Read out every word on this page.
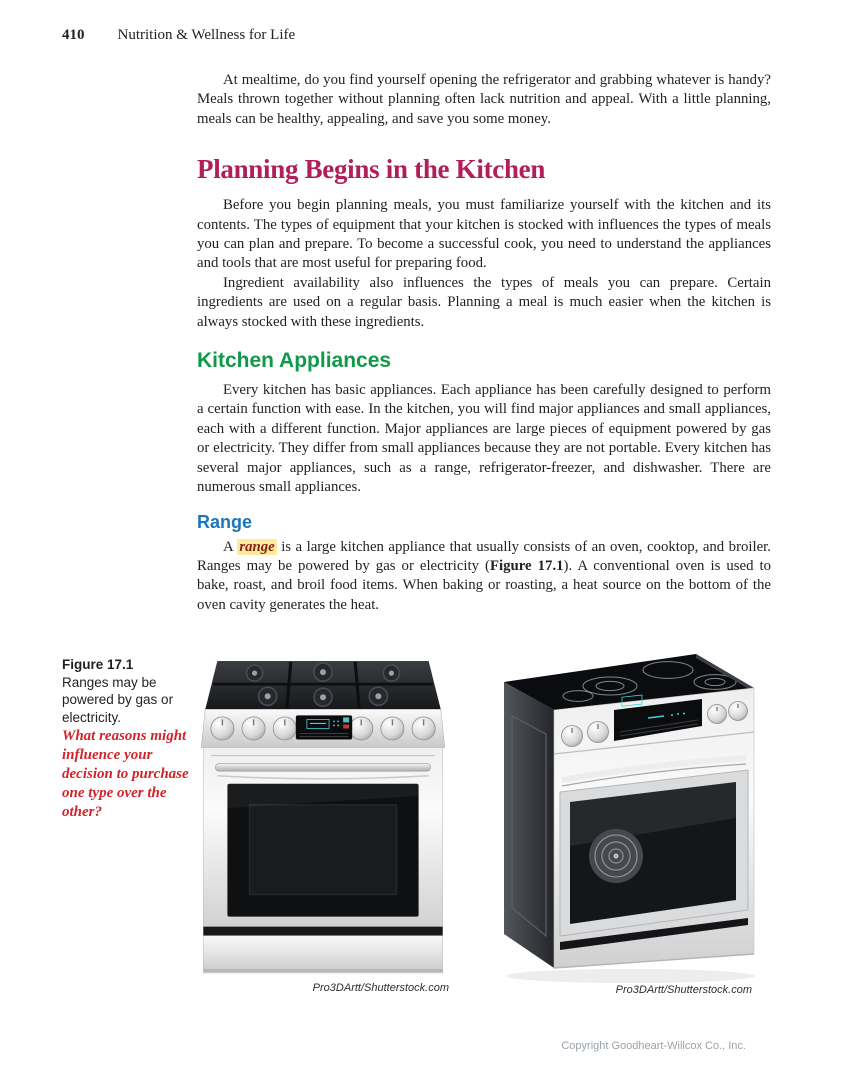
410 Nutrition & Wellness for Life

At mealtime, do you find yourself opening the refrigerator and grabbing whatever is handy? Meals thrown together without planning often lack nutrition and appeal. With a little planning, meals can be healthy, appealing, and save you some money.

Planning Begins in the Kitchen

Before you begin planning meals, you must familiarize yourself with the kitchen and its contents. The types of equipment that your kitchen is stocked with influences the types of meals you can plan and prepare. To become a successful cook, you need to understand the appliances and tools that are most useful for preparing food.

Ingredient availability also influences the types of meals you can prepare. Certain ingredients are used on a regular basis. Planning a meal is much easier when the kitchen is always stocked with these ingredients.

Kitchen Appliances

Every kitchen has basic appliances. Each appliance has been carefully designed to perform a certain function with ease. In the kitchen, you will find major appliances and small appliances, each with a different function. Major appliances are large pieces of equipment powered by gas or electricity. They differ from small appliances because they are not portable. Every kitchen has several major appliances, such as a range, refrigerator-freezer, and dishwasher. There are numerous small appliances.

Range

A range is a large kitchen appliance that usually consists of an oven, cooktop, and broiler. Ranges may be powered by gas or electricity (Figure 17.1). A conventional oven is used to bake, roast, and broil food items. When baking or roasting, a heat source on the bottom of the oven cavity generates the heat.

Figure 17.1
Ranges may be powered by gas or electricity.
What reasons might influence your decision to purchase one type over the other?
Pro3DArtt/Shutterstock.com	Pro3DArtt/Shutterstock.com
Copyright Goodheart-Willcox Co., Inc.
